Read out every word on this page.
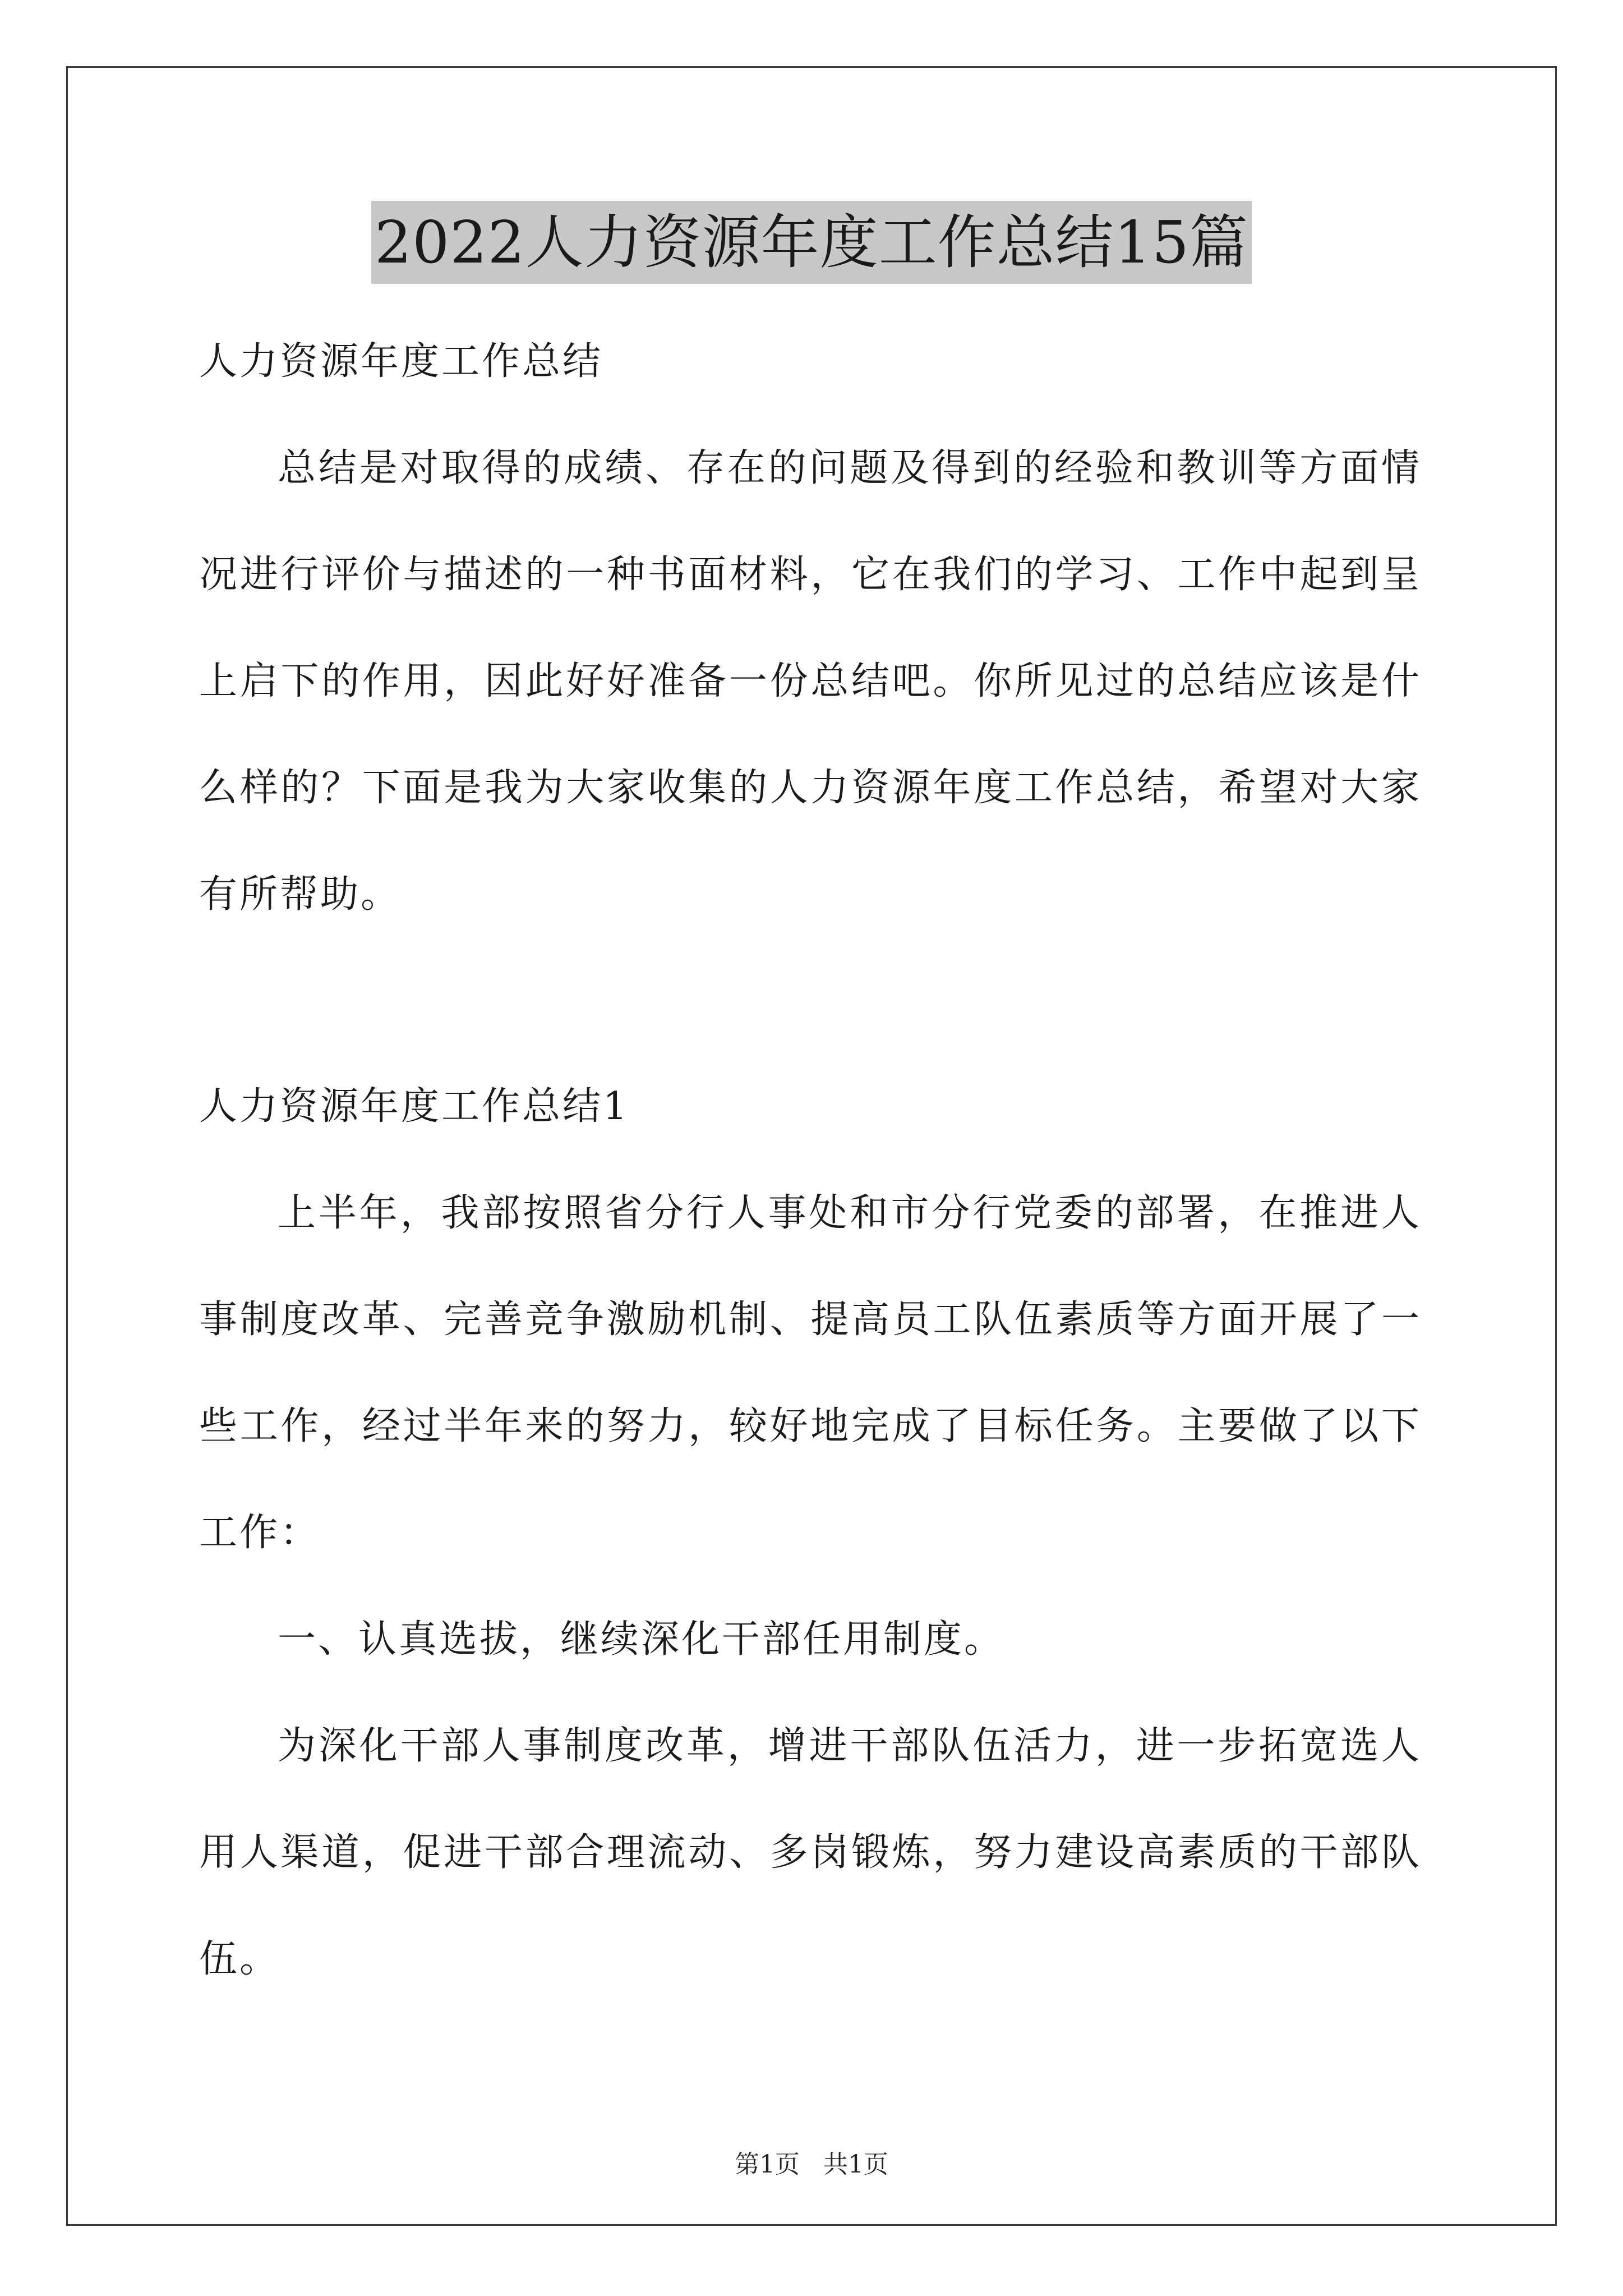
2022人力资源年度工作总结15篇

人力资源年度工作总结

总结是对取得的成绩、存在的问题及得到的经验和教训等方面情况进行评价与描述的一种书面材料，它在我们的学习、工作中起到呈上启下的作用，因此好好准备一份总结吧。你所见过的总结应该是什么样的？下面是我为大家收集的人力资源年度工作总结，希望对大家有所帮助。

人力资源年度工作总结1

上半年，我部按照省分行人事处和市分行党委的部署，在推进人事制度改革、完善竞争激励机制、提高员工队伍素质等方面开展了一些工作，经过半年来的努力，较好地完成了目标任务。主要做了以下工作：

一、认真选拔，继续深化干部任用制度。

为深化干部人事制度改革，增进干部队伍活力，进一步拓宽选人用人渠道，促进干部合理流动、多岗锻炼，努力建设高素质的干部队伍。

第1页 共1页
